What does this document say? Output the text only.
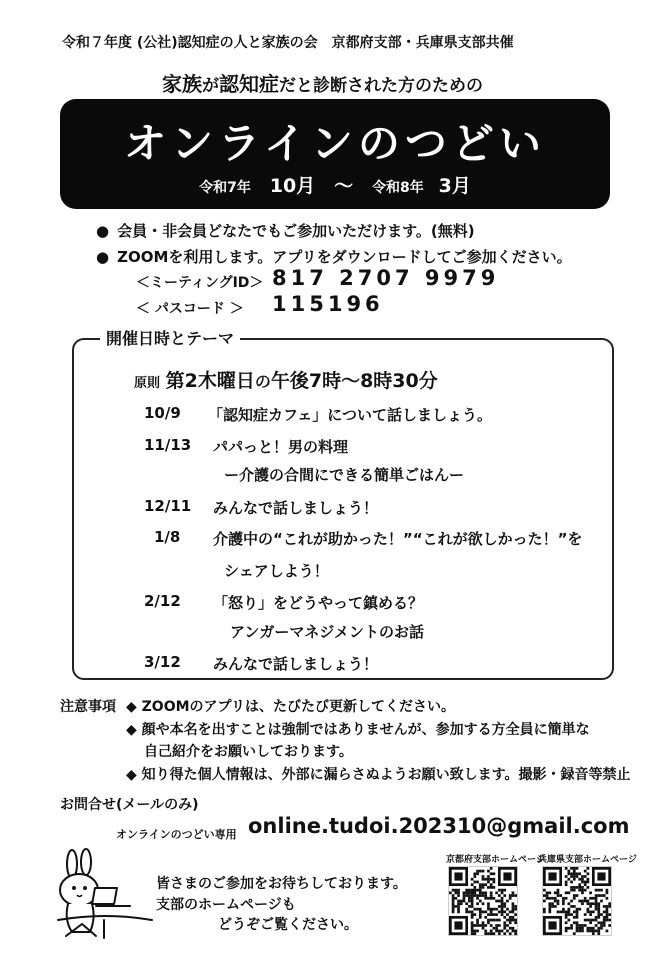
令和７年度 (公社)認知症の人と家族の会　京都府支部・兵庫県支部共催
家族が認知症だと診断された方のための
オンラインのつどい
令和7年 10月 〜 令和8年 3月
● 会員・非会員どなたでもご参加いただけます。(無料)
● ZOOMを利用します。アプリをダウンロードしてご参加ください。
＜ミーティングID＞ 817 2707 9979
＜ パスコード ＞ 115196
開催日時とテーマ
原則 第2木曜日の午後7時〜8時30分
10/9 「認知症カフェ」について話しましょう。
11/13 パパっと！男の料理
ー介護の合間にできる簡単ごはんー
12/11 みんなで話しましょう！
1/8 介護中の“これが助かった！”“これが欲しかった！”を
シェアしよう！
2/12 「怒り」をどうやって鎮める？
アンガーマネジメントのお話
3/12 みんなで話しましょう！
注意事項 ◆ ZOOMのアプリは、たびたび更新してください。
◆ 顔や本名を出すことは強制ではありませんが、参加する方全員に簡単な
自己紹介をお願いしております。
◆ 知り得た個人情報は、外部に漏らさぬようお願い致します。撮影・録音等禁止
お問合せ(メールのみ)
オンラインのつどい専用 online.tudoi.202310@gmail.com
皆さまのご参加をお待ちしております。
支部のホームページも
どうぞご覧ください。
京都府支部ホームページ
兵庫県支部ホームページ
